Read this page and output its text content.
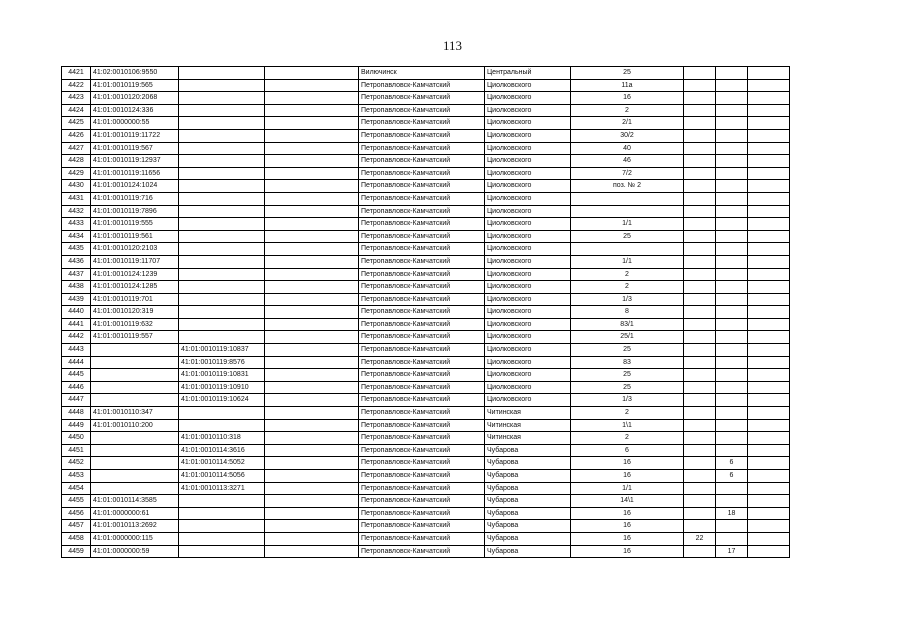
113
4421	41:02:0010106:9550			Вилючинск	Центральный	25			
4422	41:01:0010119:565			Петропавловск-Камчатский	Циолковского	11а			
4423	41:01:0010120:2068			Петропавловск-Камчатский	Циолковского	16			
4424	41:01:0010124:336			Петропавловск-Камчатский	Циолковского	2			
4425	41:01:0000000:55			Петропавловск-Камчатский	Циолковского	2/1			
4426	41:01:0010119:11722			Петропавловск-Камчатский	Циолковского	30/2			
4427	41:01:0010119:567			Петропавловск-Камчатский	Циолковского	40			
4428	41:01:0010119:12937			Петропавловск-Камчатский	Циолковского	46			
4429	41:01:0010119:11656			Петропавловск-Камчатский	Циолковского	7/2			
4430	41:01:0010124:1024			Петропавловск-Камчатский	Циолковского	поз. № 2			
4431	41:01:0010119:716			Петропавловск-Камчатский	Циолковского				
4432	41:01:0010119:7896			Петропавловск-Камчатский	Циолковского				
4433	41:01:0010119:555			Петропавловск-Камчатский	Циолковского	1/1			
4434	41:01:0010119:561			Петропавловск-Камчатский	Циолковского	25			
4435	41:01:0010120:2103			Петропавловск-Камчатский	Циолковского				
4436	41:01:0010119:11707			Петропавловск-Камчатский	Циолковского	1/1			
4437	41:01:0010124:1239			Петропавловск-Камчатский	Циолковского	2			
4438	41:01:0010124:1285			Петропавловск-Камчатский	Циолковского	2			
4439	41:01:0010119:701			Петропавловск-Камчатский	Циолковского	1/3			
4440	41:01:0010120:319			Петропавловск-Камчатский	Циолковского	8			
4441	41:01:0010119:632			Петропавловск-Камчатский	Циолковского	83/1			
4442	41:01:0010119:557			Петропавловск-Камчатский	Циолковского	25/1			
4443		41:01:0010119:10837		Петропавловск-Камчатский	Циолковского	25			
4444		41:01:0010119:8576		Петропавловск-Камчатский	Циолковского	83			
4445		41:01:0010119:10831		Петропавловск-Камчатский	Циолковского	25			
4446		41:01:0010119:10910		Петропавловск-Камчатский	Циолковского	25			
4447		41:01:0010119:10624		Петропавловск-Камчатский	Циолковского	1/3			
4448	41:01:0010110:347			Петропавловск-Камчатский	Читинская	2			
4449	41:01:0010110:200			Петропавловск-Камчатский	Читинская	1\1			
4450		41:01:0010110:318		Петропавловск-Камчатский	Читинская	2			
4451		41:01:0010114:3616		Петропавловск-Камчатский	Чубарова	6			
4452		41:01:0010114:5052		Петропавловск-Камчатский	Чубарова	16		6	
4453		41:01:0010114:5056		Петропавловск-Камчатский	Чубарова	16		6	
4454		41:01:0010113:3271		Петропавловск-Камчатский	Чубарова	1/1			
4455	41:01:0010114:3585			Петропавловск-Камчатский	Чубарова	14\1			
4456	41:01:0000000:61			Петропавловск-Камчатский	Чубарова	16		18	
4457	41:01:0010113:2692			Петропавловск-Камчатский	Чубарова	16			
4458	41:01:0000000:115			Петропавловск-Камчатский	Чубарова	16	22		
4459	41:01:0000000:59			Петропавловск-Камчатский	Чубарова	16		17	
